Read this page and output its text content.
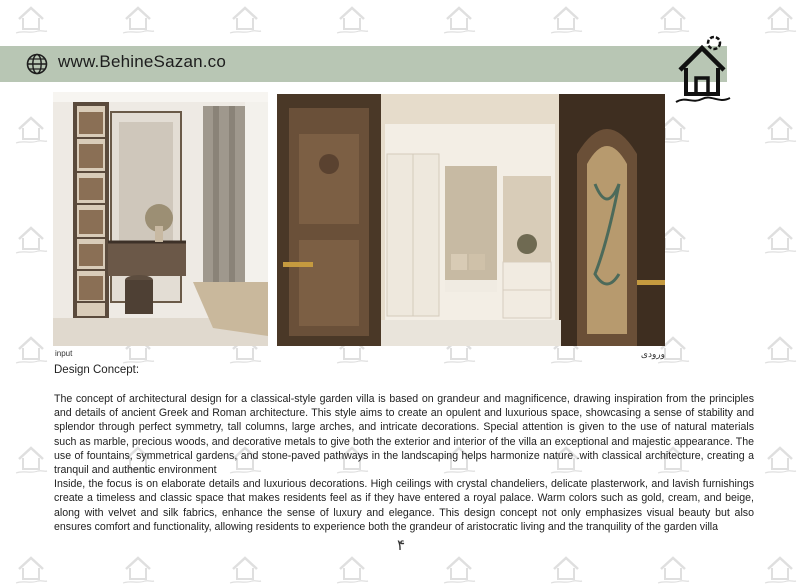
www.BehineSazan.co
input	ورودی
Design Concept:

The concept of architectural design for a classical-style garden villa is based on grandeur and magnificence, drawing inspiration from the principles and details of ancient Greek and Roman architecture. This style aims to create an opulent and luxurious space, showcasing a sense of stability and splendor through perfect symmetry, tall columns, large arches, and intricate decorations. Special attention is given to the use of natural materials such as marble, precious woods, and decorative metals to give both the exterior and interior of the villa an exceptional and majestic appearance. The use of fountains, symmetrical gardens, and stone-paved pathways in the landscaping helps harmonize nature .with classical architecture, creating a tranquil and authentic environment

Inside, the focus is on elaborate details and luxurious decorations. High ceilings with crystal chandeliers, delicate plasterwork, and lavish furnishings create a timeless and classic space that makes residents feel as if they have entered a royal palace. Warm colors such as gold, cream, and beige, along with velvet and silk fabrics, enhance the sense of luxury and elegance. This design concept not only emphasizes visual beauty but also ensures comfort and functionality, allowing residents to experience both the grandeur of aristocratic living and the tranquility of the garden villa

۴
